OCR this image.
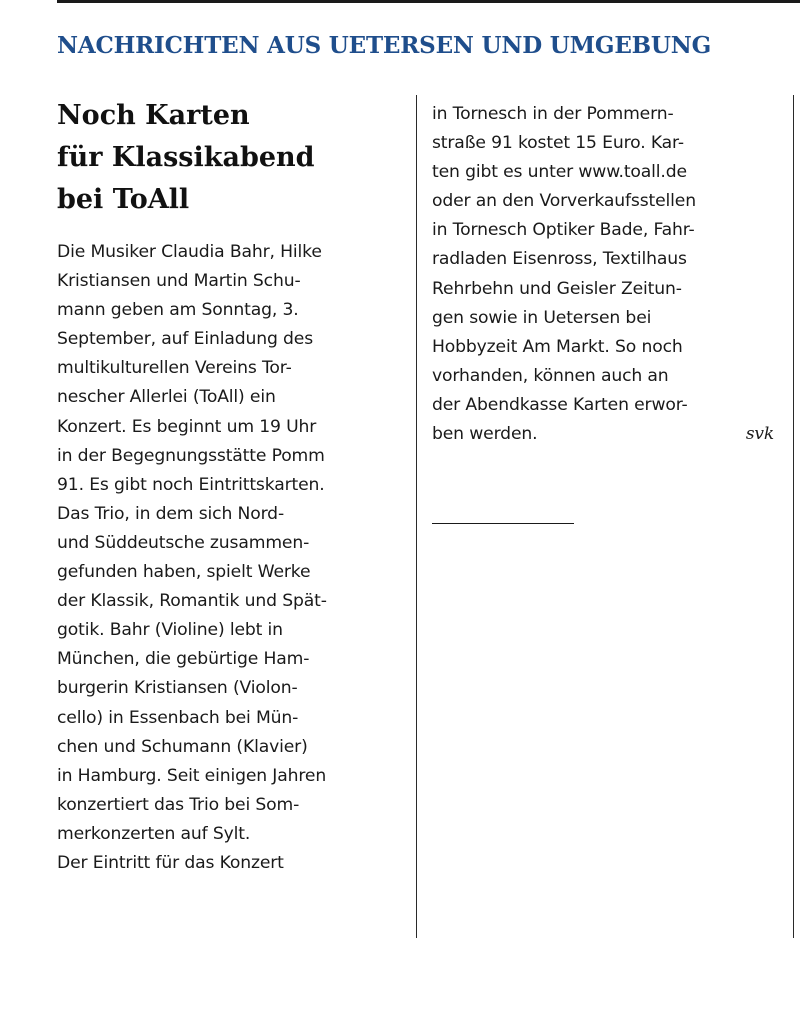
NACHRICHTEN AUS UETERSEN UND UMGEBUNG
Noch Karten
für Klassikabend
bei ToAll
Die Musiker Claudia Bahr, Hilke
Kristiansen und Martin Schu-
mann geben am Sonntag, 3.
September, auf Einladung des
multikulturellen Vereins Tor-
nescher Allerlei (ToAll) ein
Konzert. Es beginnt um 19 Uhr
in der Begegnungsstätte Pomm
91. Es gibt noch Eintrittskarten.
Das Trio, in dem sich Nord-
und Süddeutsche zusammen-
gefunden haben, spielt Werke
der Klassik, Romantik und Spät-
gotik. Bahr (Violine) lebt in
München, die gebürtige Ham-
burgerin Kristiansen (Violon-
cello) in Essenbach bei Mün-
chen und Schumann (Klavier)
in Hamburg. Seit einigen Jahren
konzertiert das Trio bei Som-
merkonzerten auf Sylt.
Der Eintritt für das Konzert
in Tornesch in der Pommern-
straße 91 kostet 15 Euro. Kar-
ten gibt es unter www.toall.de
oder an den Vorverkaufsstellen
in Tornesch Optiker Bade, Fahr-
radladen Eisenross, Textilhaus
Rehrbehn und Geisler Zeitun-
gen sowie in Uetersen bei
Hobbyzeit Am Markt. So noch
vorhanden, können auch an
der Abendkasse Karten erwor-
ben werden.	svk
